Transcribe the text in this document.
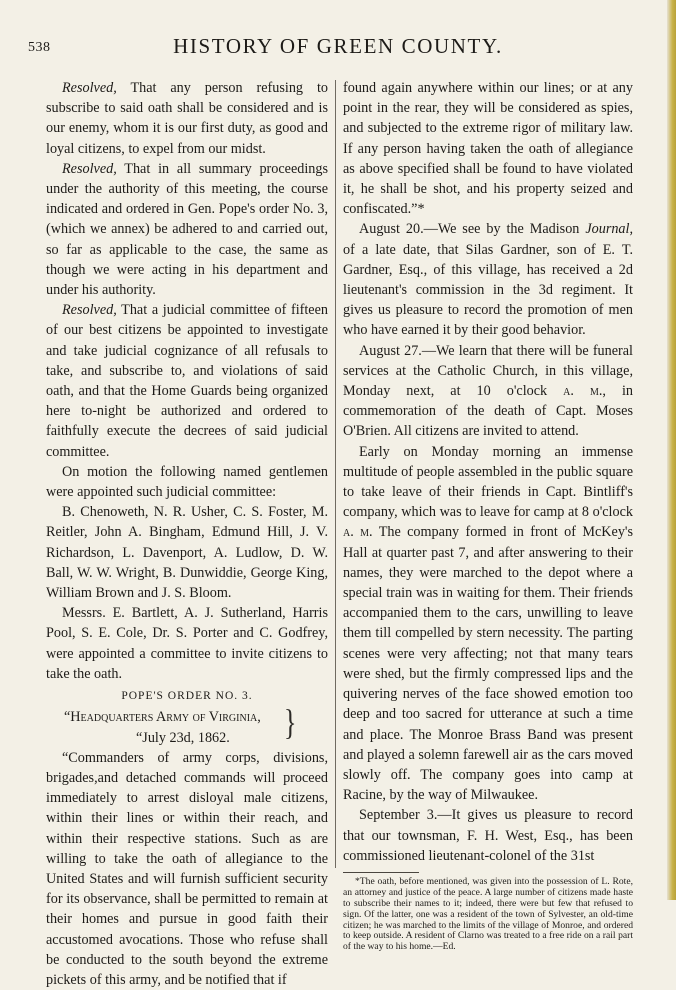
538	HISTORY OF GREEN COUNTY.

Resolved, That any person refusing to subscribe to said oath shall be considered and is our enemy, whom it is our first duty, as good and loyal citizens, to expel from our midst.

Resolved, That in all summary proceedings under the authority of this meeting, the course indicated and ordered in Gen. Pope's order No. 3, (which we annex) be adhered to and carried out, so far as applicable to the case, the same as though we were acting in his department and under his authority.

Resolved, That a judicial committee of fifteen of our best citizens be appointed to investigate and take judicial cognizance of all refusals to take, and subscribe to, and violations of said oath, and that the Home Guards being organized here to-night be authorized and ordered to faithfully execute the decrees of said judicial committee.

On motion the following named gentlemen were appointed such judicial committee:

B. Chenoweth, N. R. Usher, C. S. Foster, M. Reitler, John A. Bingham, Edmund Hill, J. V. Richardson, L. Davenport, A. Ludlow, D. W. Ball, W. W. Wright, B. Dunwiddie, George King, William Brown and J. S. Bloom.

Messrs. E. Bartlett, A. J. Sutherland, Harris Pool, S. E. Cole, Dr. S. Porter and C. Godfrey, were appointed a committee to invite citizens to take the oath.

POPE'S ORDER NO. 3.
“Headquarters Army of Virginia,
“July 23d, 1862.	}

“Commanders of army corps, divisions, brigades,and detached commands will proceed immediately to arrest disloyal male citizens, within their lines or within their reach, and within their respective stations. Such as are willing to take the oath of allegiance to the United States and will furnish sufficient security for its observance, shall be permitted to remain at their homes and pursue in good faith their accustomed avocations. Those who refuse shall be conducted to the south beyond the extreme pickets of this army, and be notified that if

found again anywhere within our lines; or at any point in the rear, they will be considered as spies, and subjected to the extreme rigor of military law. If any person having taken the oath of allegiance as above specified shall be found to have violated it, he shall be shot, and his property seized and confiscated.”*

August 20.—We see by the Madison Journal, of a late date, that Silas Gardner, son of E. T. Gardner, Esq., of this village, has received a 2d lieutenant's commission in the 3d regiment. It gives us pleasure to record the promotion of men who have earned it by their good behavior.

August 27.—We learn that there will be funeral services at the Catholic Church, in this village, Monday next, at 10 o'clock a. m., in commemoration of the death of Capt. Moses O'Brien. All citizens are invited to attend.

Early on Monday morning an immense multitude of people assembled in the public square to take leave of their friends in Capt. Bintliff's company, which was to leave for camp at 8 o'clock a. m. The company formed in front of McKey's Hall at quarter past 7, and after answering to their names, they were marched to the depot where a special train was in waiting for them. Their friends accompanied them to the cars, unwilling to leave them till compelled by stern necessity. The parting scenes were very affecting; not that many tears were shed, but the firmly compressed lips and the quivering nerves of the face showed emotion too deep and too sacred for utterance at such a time and place. The Monroe Brass Band was present and played a solemn farewell air as the cars moved slowly off. The company goes into camp at Racine, by the way of Milwaukee.

September 3.—It gives us pleasure to record that our townsman, F. H. West, Esq., has been commissioned lieutenant-colonel of the 31st

*The oath, before mentioned, was given into the possession of L. Rote, an attorney and justice of the peace. A large number of citizens made haste to subscribe their names to it; indeed, there were but few that refused to sign. Of the latter, one was a resident of the town of Sylvester, an old-time citizen; he was marched to the limits of the village of Monroe, and ordered to keep outside. A resident of Clarno was treated to a free ride on a rail part of the way to his home.—Ed.
